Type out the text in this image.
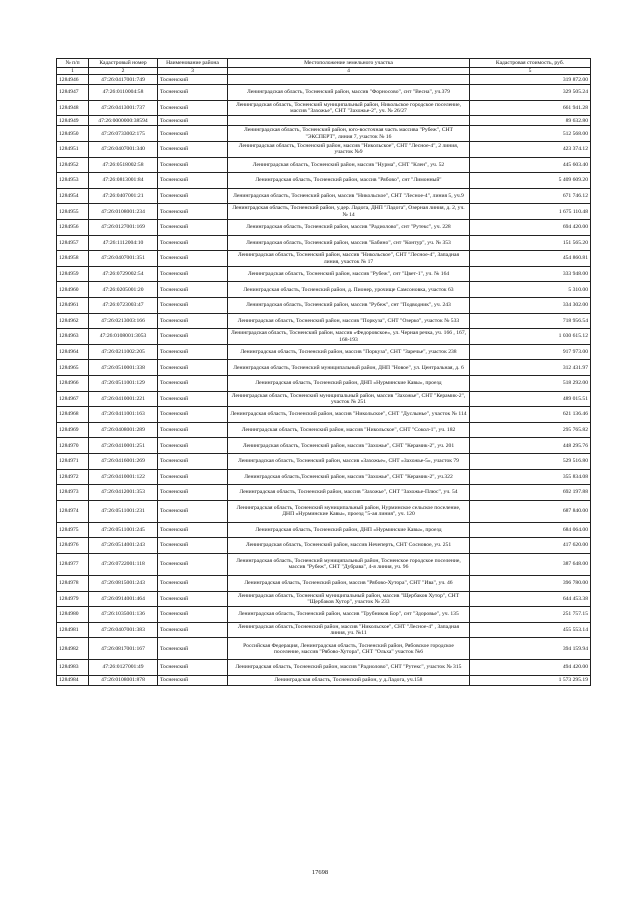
№ п/п	Кадастровый номер	Наименование района	Местоположение земельного участка	Кадастровая стоимость, руб.
1	2	3	4	5
1284946	47:26:0417001:749	Тосненский		319 872.00
1284947	47:26:0110004:58	Тосненский	Ленинградская область, Тосненский район, массив "Форносово", снт "Весна", уч.379	329 505.24
1284948	47:26:0413001:737	Тосненский	Ленинградская область, Тосненский муниципальный район, Никольское городское поселение, массив "Захожье", СНТ "Захожье-2", уч. № 26/27	661 941.28
1284949	47:26:0000000:38594	Тосненский		89 632.80
1284950	47:26:0733002:175	Тосненский	Ленинградская область, Тосненский район, юго-восточная часть массива "Рубеж", СНТ "ЭКСПЕРТ", линия 7, участок № 16	512 568.00
1284951	47:26:0407001:340	Тосненский	Ленинградская область, Тосненский район, массив "Никольское", СНТ "Лесное-4", 2 линия, участок №9	423 374.12
1284952	47:26:0518002:58	Тосненский	Ленинградская область, Тосненский район, массив "Нурма", СНТ "Клен", уч. 52	445 603.40
1284953	47:26:0813001:84	Тосненский	Ленинградская область, Тосненский район, массив "Рябово", снт "Лимонный"	5 409 609.20
1284954	47:26:0407001:21	Тосненский	Ленинградская область, Тосненский район, массив "Никольское", СНТ "Лесное-4", линия 5, уч.9	671 746.12
1284955	47:26:0108001:234	Тосненский	Ленинградская область, Тосненский район, у.дер. Ладога, ДНП "Ладога", Озерная линия, д. 2, уч.№ 14	1 675 110.48
1284956	47:26:0127001:169	Тосненский	Ленинградская область, Тосненский район, массив "Радиолово", снт "Рутекс", уч. 228	694 420.00
1284957	47:26:1112004:10	Тосненский	Ленинградская область, Тосненский район, массив "Бабино", снт "Контур", уч. № 353	151 565.20
1284958	47:26:0407001:351	Тосненский	Ленинградская область, Тосненский район, массив "Никольское", СНТ "Лесное-4", Западная линия, участок № 17	454 860.81
1284959	47:26:0729002:54	Тосненский	Ленинградская область, Тосненский район, массив "Рубеж", снт "Цвет-1", уч. № 164	333 948.00
1284960	47:26:0205001:20	Тосненский	Ленинградская область, Тосненский район, д. Пионер, урочище Самсоновка, участок 63	5 310.00
1284961	47:26:0723003:47	Тосненский	Ленинградская область, Тосненский район, массив "Рубеж", снт "Подводник", уч. 243	334 302.00
1284962	47:26:0213003:166	Тосненский	Ленинградская область, Тосненский район, массив "Поркуза", СНТ "Озерко", участок № 533	718 956.54
1284963	47:26:0108001:3053	Тосненский	Ленинградская область, Тосненский район, массив «Федоровское», ул. Черная речка, уч. 166 , 167, 168-193	1 030 615.12
1284964	47:26:0211002:205	Тосненский	Ленинградская область, Тосненский район, массив "Поркуза", СНТ "Заречье", участок 238	917 973.00
1284965	47:26:0510001:338	Тосненский	Ленинградская область, Тосненский муниципальный район, ДНП "Новое", ул. Центральная, д. 6	312 431.97
1284966	47:26:0511001:129	Тосненский	Ленинградская область, Тосненский район, ДНП «Нурминские Кавы», проезд	518 292.00
1284967	47:26:0410001:221	Тосненский	Ленинградская область, Тосненский муниципальный район, массив "Захожье", СНТ "Керамик-2", участок № 251	489 015.51
1284968	47:26:0411001:163	Тосненский	Ленинградская область, Тосненский район, массив "Никольское", СНТ "Дуслынье", участок № 114	621 136.46
1284969	47:26:0408001:289	Тосненский	Ленинградская область, Тосненский район, массив "Никольское", СНТ "Сокол-1", уч. 182	295 765.82
1284970	47:26:0410001:251	Тосненский	Ленинградская область, Тосненский район, массив "Захожье", СНТ "Керамик-2", уч. 201	448 295.76
1284971	47:26:0416001:269	Тосненский	Ленинградская область, Тосненский район, массив «Захожье», СНТ «Захожье-5», участок 79	529 516.80
1284972	47:26:0410001:122	Тосненский	Ленинградская область,Тосненский район, массив "Захожье", СНТ "Керамик-2", уч.322	355 834.08
1284973	47:26:0412001:353	Тосненский	Ленинградская область, Тосненский район, массив "Захожье", СНТ "Захожье-Плюс", уч. 54	692 197.88
1284974	47:26:0511001:231	Тосненский	Ленинградская область, Тосненский муниципальный район, Нурминское сельское поселение, ДНП «Нурминские Кавы», проезд "5-ая линия", уч. 120	687 840.00
1284975	47:26:0511001:245	Тосненский	Ленинградская область, Тосненский район, ДНП «Нурминские Кавы», проезд	684 064.00
1284976	47:26:0514001:243	Тосненский	Ленинградская область, Тосненский район, массив Нечеперть, СНТ Сосновое, уч. 251	417 620.00
1284977	47:26:0722001:118	Тосненский	Ленинградская область, Тосненский муниципальный район, Тосненское городское поселение, массив "Рубеж", СНТ "Дубрава", 4-я линия, уч. 96	387 648.00
1284978	47:26:0815001:243	Тосненский	Ленинградская область, Тосненский район, массив "Рябово-Хутора", СНТ "Ива", уч. 46	396 780.00
1284979	47:26:0914001:464	Тосненский	Ленинградская область, Тосненский муниципальный район, массив "Щербаков Хутор", СНТ "Щербаков Хутор", участок № 233	644 453.38
1284980	47:26:1035001:136	Тосненский	Ленинградская область, Тосненский район, массив "Трубников Бор", снт "Здоровье", уч. 135	251 757.15
1284981	47:26:0407001:383	Тосненский	Ленинградская область,Тосненский район, массив "Никольское", СНТ "Лесное-4" , Западная линия, уч. №11	455 553.14
1284982	47:26:0817001:167	Тосненский	Российская Федерация, Ленинградская область, Тосненский район, Рябовское городское поселение, массив "Рябово-Хутора", СНТ "Ольха" участок №6	394 159.94
1284983	47:26:0127001:49	Тосненский	Ленинградская область, Тосненский район, массив "Радиолово", СНТ "Рутекс", участок № 315	494 420.00
1284984	47:26:0108001:878	Тосненский	Ленинградская область, Тосненский район, у д.Ладога, уч.158	1 573 295.19
17698
